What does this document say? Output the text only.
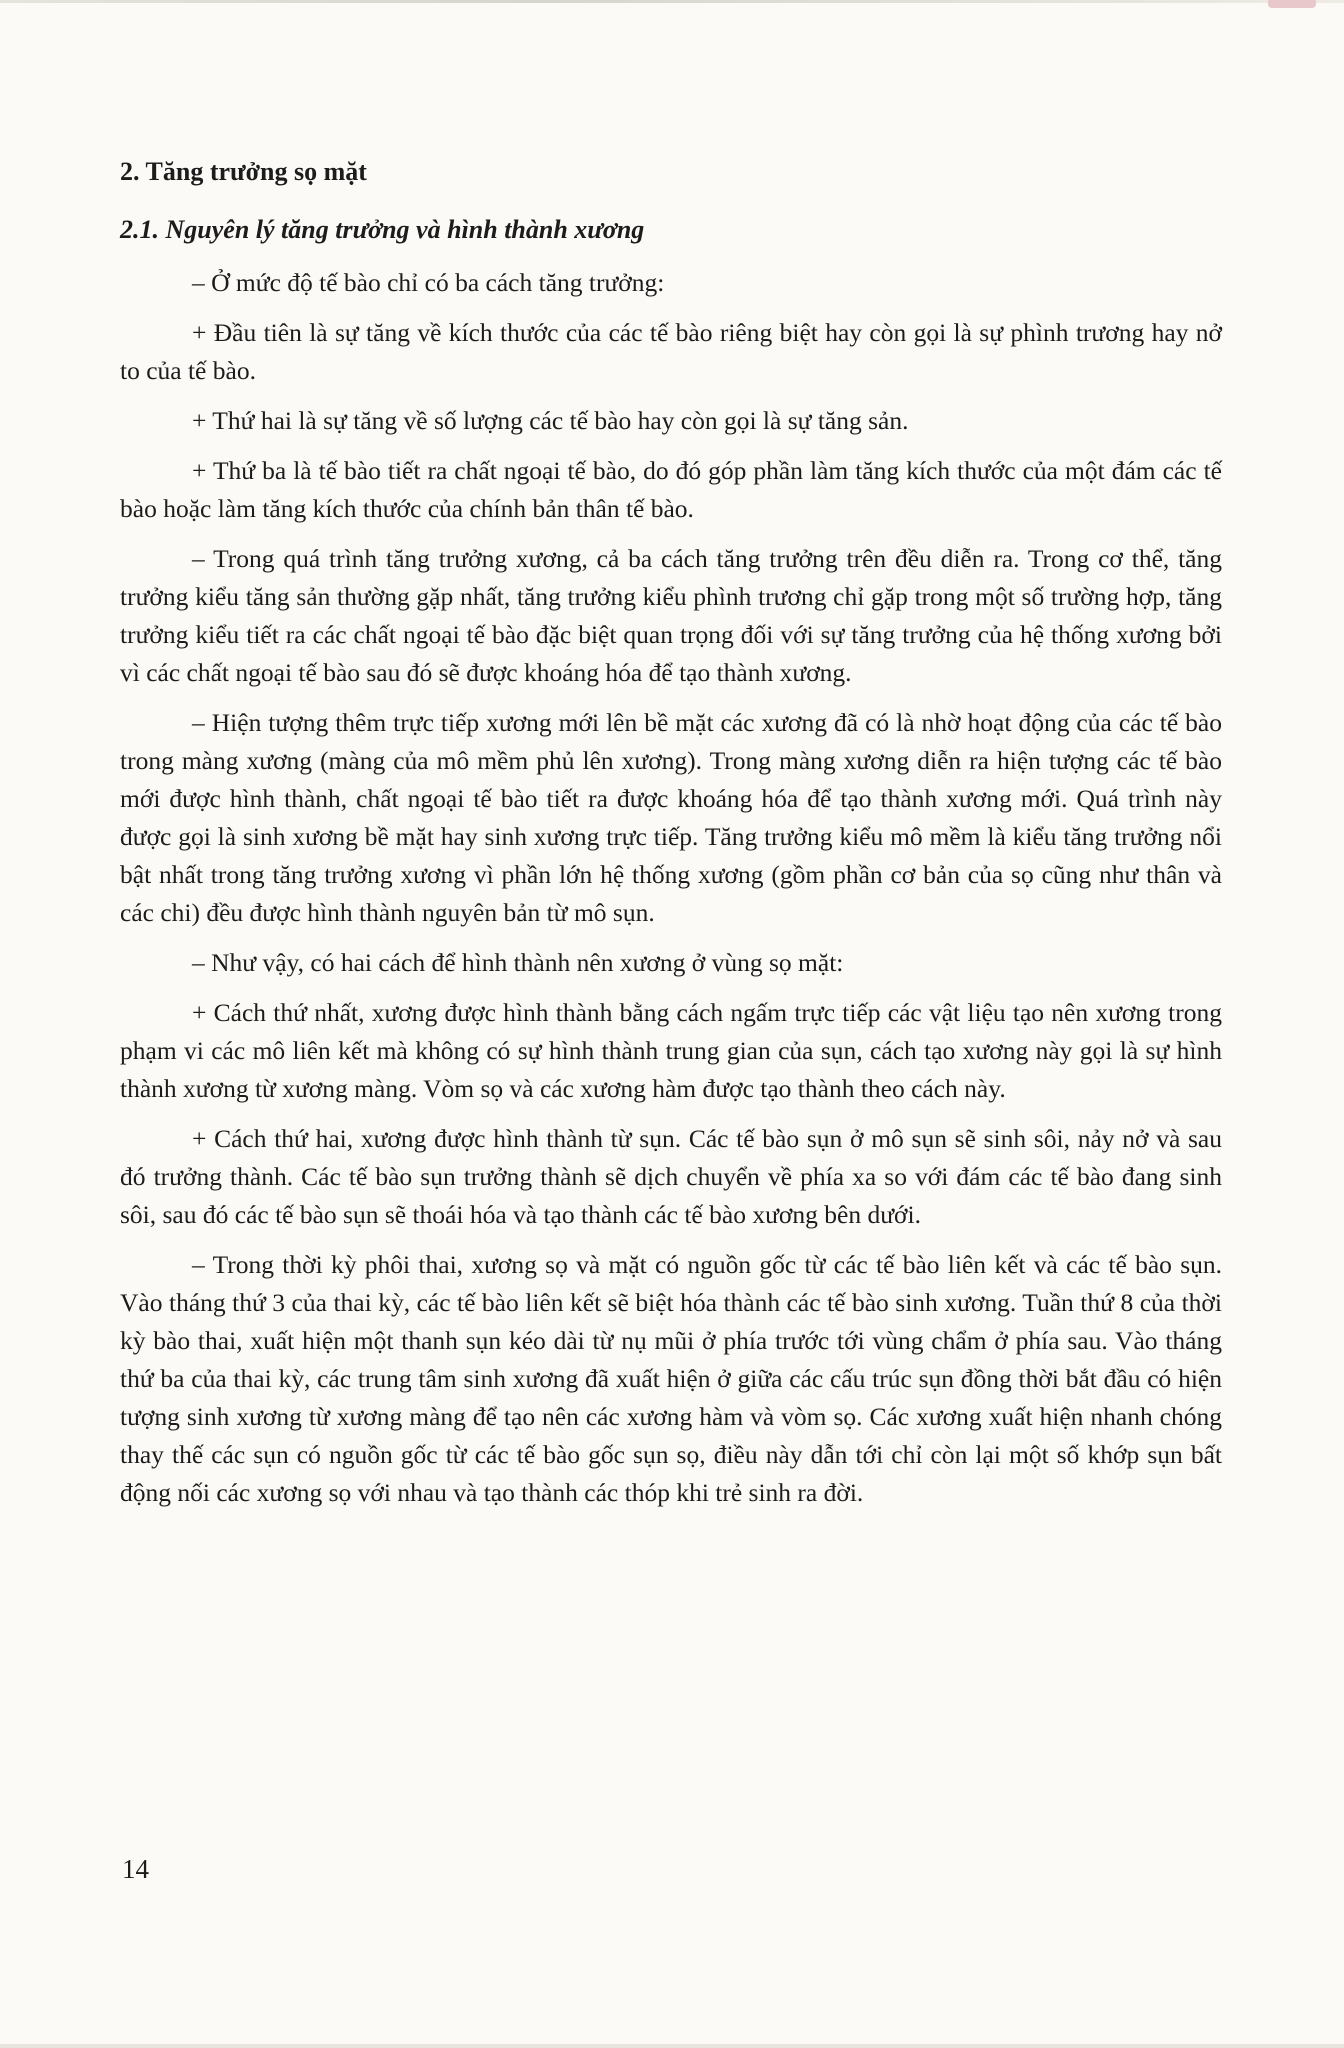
2. Tăng trưởng sọ mặt
2.1. Nguyên lý tăng trưởng và hình thành xương

– Ở mức độ tế bào chỉ có ba cách tăng trưởng:

+ Đầu tiên là sự tăng về kích thước của các tế bào riêng biệt hay còn gọi là sự phình trương hay nở to của tế bào.

+ Thứ hai là sự tăng về số lượng các tế bào hay còn gọi là sự tăng sản.

+ Thứ ba là tế bào tiết ra chất ngoại tế bào, do đó góp phần làm tăng kích thước của một đám các tế bào hoặc làm tăng kích thước của chính bản thân tế bào.

– Trong quá trình tăng trưởng xương, cả ba cách tăng trưởng trên đều diễn ra. Trong cơ thể, tăng trưởng kiểu tăng sản thường gặp nhất, tăng trưởng kiểu phình trương chỉ gặp trong một số trường hợp, tăng trưởng kiểu tiết ra các chất ngoại tế bào đặc biệt quan trọng đối với sự tăng trưởng của hệ thống xương bởi vì các chất ngoại tế bào sau đó sẽ được khoáng hóa để tạo thành xương.

– Hiện tượng thêm trực tiếp xương mới lên bề mặt các xương đã có là nhờ hoạt động của các tế bào trong màng xương (màng của mô mềm phủ lên xương). Trong màng xương diễn ra hiện tượng các tế bào mới được hình thành, chất ngoại tế bào tiết ra được khoáng hóa để tạo thành xương mới. Quá trình này được gọi là sinh xương bề mặt hay sinh xương trực tiếp. Tăng trưởng kiểu mô mềm là kiểu tăng trưởng nổi bật nhất trong tăng trưởng xương vì phần lớn hệ thống xương (gồm phần cơ bản của sọ cũng như thân và các chi) đều được hình thành nguyên bản từ mô sụn.

– Như vậy, có hai cách để hình thành nên xương ở vùng sọ mặt:

+ Cách thứ nhất, xương được hình thành bằng cách ngấm trực tiếp các vật liệu tạo nên xương trong phạm vi các mô liên kết mà không có sự hình thành trung gian của sụn, cách tạo xương này gọi là sự hình thành xương từ xương màng. Vòm sọ và các xương hàm được tạo thành theo cách này.

+ Cách thứ hai, xương được hình thành từ sụn. Các tế bào sụn ở mô sụn sẽ sinh sôi, nảy nở và sau đó trưởng thành. Các tế bào sụn trưởng thành sẽ dịch chuyển về phía xa so với đám các tế bào đang sinh sôi, sau đó các tế bào sụn sẽ thoái hóa và tạo thành các tế bào xương bên dưới.

– Trong thời kỳ phôi thai, xương sọ và mặt có nguồn gốc từ các tế bào liên kết và các tế bào sụn. Vào tháng thứ 3 của thai kỳ, các tế bào liên kết sẽ biệt hóa thành các tế bào sinh xương. Tuần thứ 8 của thời kỳ bào thai, xuất hiện một thanh sụn kéo dài từ nụ mũi ở phía trước tới vùng chẩm ở phía sau. Vào tháng thứ ba của thai kỳ, các trung tâm sinh xương đã xuất hiện ở giữa các cấu trúc sụn đồng thời bắt đầu có hiện tượng sinh xương từ xương màng để tạo nên các xương hàm và vòm sọ. Các xương xuất hiện nhanh chóng thay thế các sụn có nguồn gốc từ các tế bào gốc sụn sọ, điều này dẫn tới chỉ còn lại một số khớp sụn bất động nối các xương sọ với nhau và tạo thành các thóp khi trẻ sinh ra đời.

14
